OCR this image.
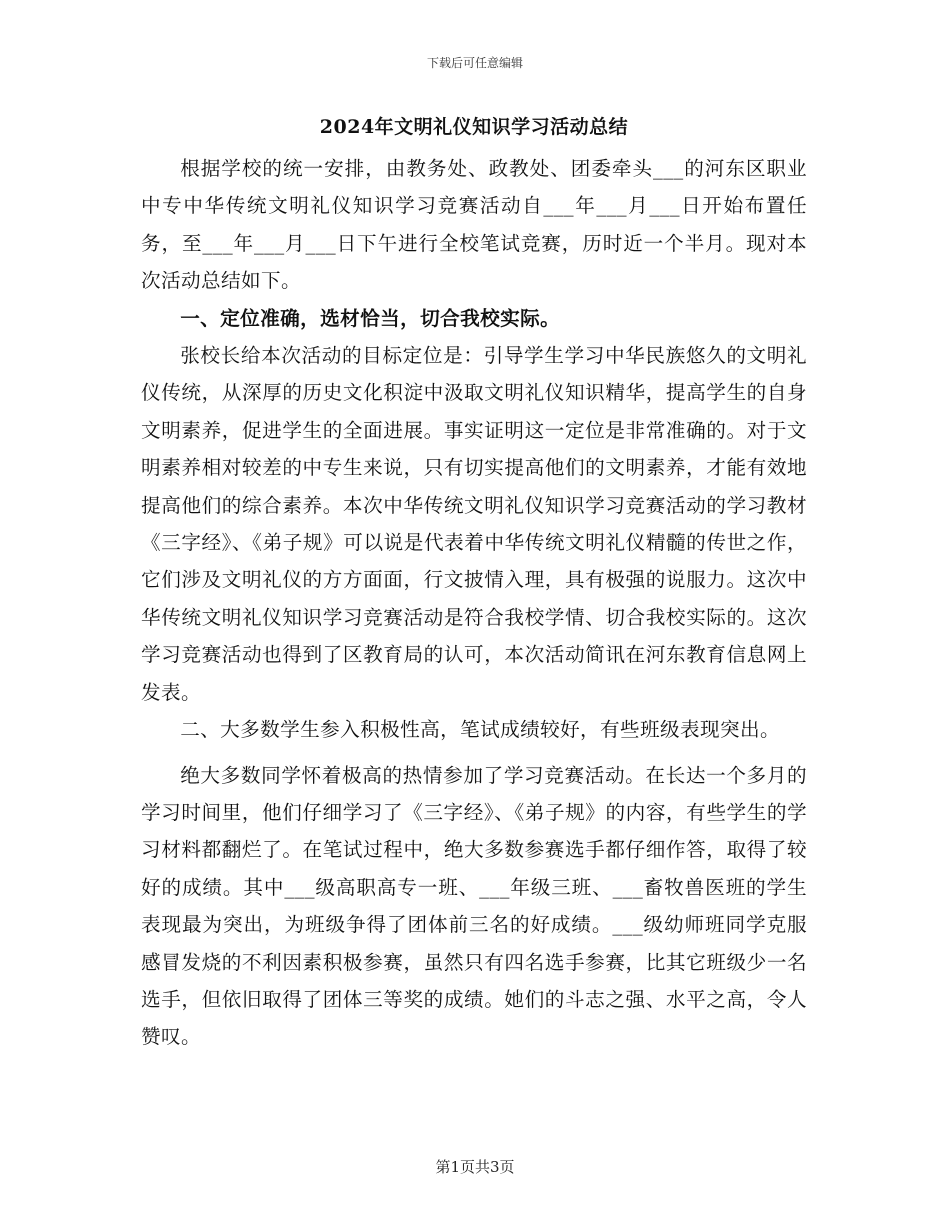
下载后可任意编辑
2024年文明礼仪知识学习活动总结

根据学校的统一安排，由教务处、政教处、团委牵头___的河东区职业中专中华传统文明礼仪知识学习竞赛活动自___年___月___日开始布置任务，至___年___月___日下午进行全校笔试竞赛，历时近一个半月。现对本次活动总结如下。

一、定位准确，选材恰当，切合我校实际。

张校长给本次活动的目标定位是：引导学生学习中华民族悠久的文明礼仪传统，从深厚的历史文化积淀中汲取文明礼仪知识精华，提高学生的自身文明素养，促进学生的全面进展。事实证明这一定位是非常准确的。对于文明素养相对较差的中专生来说，只有切实提高他们的文明素养，才能有效地提高他们的综合素养。本次中华传统文明礼仪知识学习竞赛活动的学习教材《三字经》、《弟子规》可以说是代表着中华传统文明礼仪精髓的传世之作，它们涉及文明礼仪的方方面面，行文披情入理，具有极强的说服力。这次中华传统文明礼仪知识学习竞赛活动是符合我校学情、切合我校实际的。这次学习竞赛活动也得到了区教育局的认可，本次活动简讯在河东教育信息网上发表。

二、大多数学生参入积极性高，笔试成绩较好，有些班级表现突出。

绝大多数同学怀着极高的热情参加了学习竞赛活动。在长达一个多月的学习时间里，他们仔细学习了《三字经》、《弟子规》的内容，有些学生的学习材料都翻烂了。在笔试过程中，绝大多数参赛选手都仔细作答，取得了较好的成绩。其中___级高职高专一班、___年级三班、___畜牧兽医班的学生表现最为突出，为班级争得了团体前三名的好成绩。___级幼师班同学克服感冒发烧的不利因素积极参赛，虽然只有四名选手参赛，比其它班级少一名选手，但依旧取得了团体三等奖的成绩。她们的斗志之强、水平之高，令人赞叹。

第1页共3页
